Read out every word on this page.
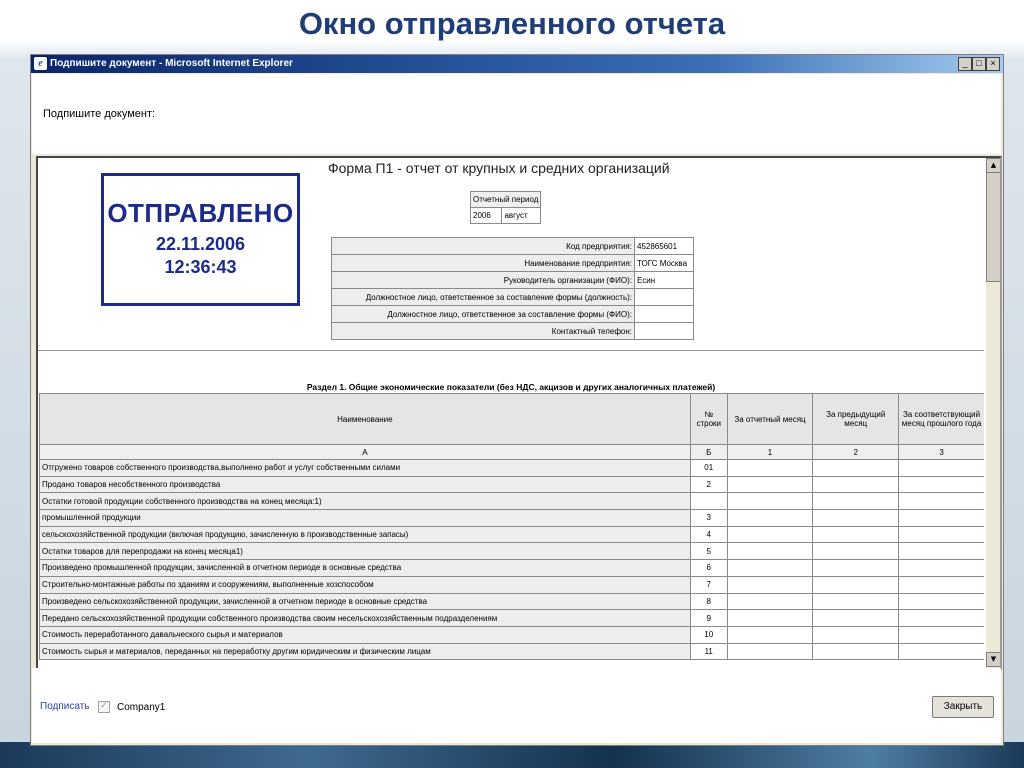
Окно отправленного отчета
e Подпишите документ - Microsoft Internet Explorer	_ □ ×
Подпишите документ:
ОТПРАВЛЕНО
22.11.2006
12:36:43
Форма П1 - отчет от крупных и средних организаций
Отчетный период
2006	август
Код предприятия:	452865601
Наименование предприятия:	ТОГС Москва
Руководитель организации (ФИО):	Есин
Должностное лицо, ответственное за составление формы (должность):	
Должностное лицо, ответственное за составление формы (ФИО):	
Контактный телефон:	
Раздел 1. Общие экономические показатели (без НДС, акцизов и других аналогичных платежей)
Наименование	№ строки	За отчетный месяц	За предыдущий месяц	За соответствующий месяц прошлого года
А	Б	1	2	3
Отгружено товаров собственного производства,выполнено работ и услуг собственными силами	01			
Продано товаров несобственного производства	2			
Остатки готовой продукции собственного производства на конец месяца:1)				
промышленной продукции	3			
сельскохозяйственной продукции (включая продукцию, зачисленную в производственные запасы)	4			
Остатки товаров для перепродажи на конец месяца1)	5			
Произведено промышленной продукции, зачисленной в отчетном периоде в основные средства	6			
Строительно-монтажные работы по зданиям и сооружениям, выполненные хозспособом	7			
Произведено сельскохозяйственной продукции, зачисленной в отчетном периоде в основные средства	8			
Передано сельскохозяйственной продукции собственного производства своим несельскохозяйственным подразделениям	9			
Стоимость переработанного давальческого сырья и материалов	10			
Стоимость сырья и материалов, переданных на переработку другим юридическим и физическим лицам	11			
▲
▼
Подписать ✓ Company1	Закрыть
